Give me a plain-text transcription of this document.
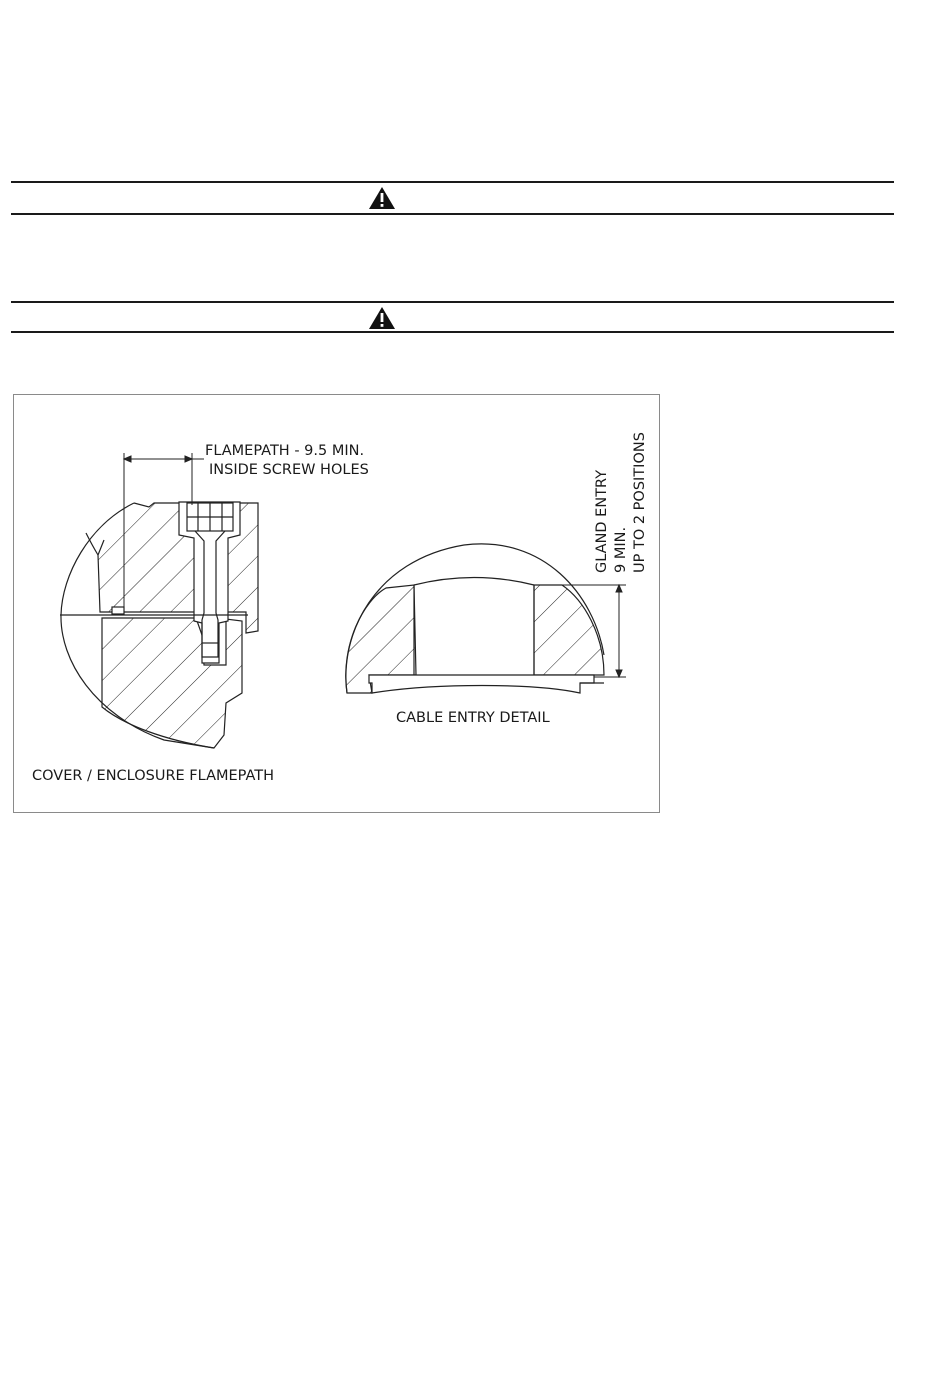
FLAMEPATH - 9.5 MIN.
INSIDE SCREW HOLES	GLAND ENTRY 9 MIN. UP TO 2 POSITIONS
CABLE ENTRY DETAIL
COVER / ENCLOSURE FLAMEPATH
